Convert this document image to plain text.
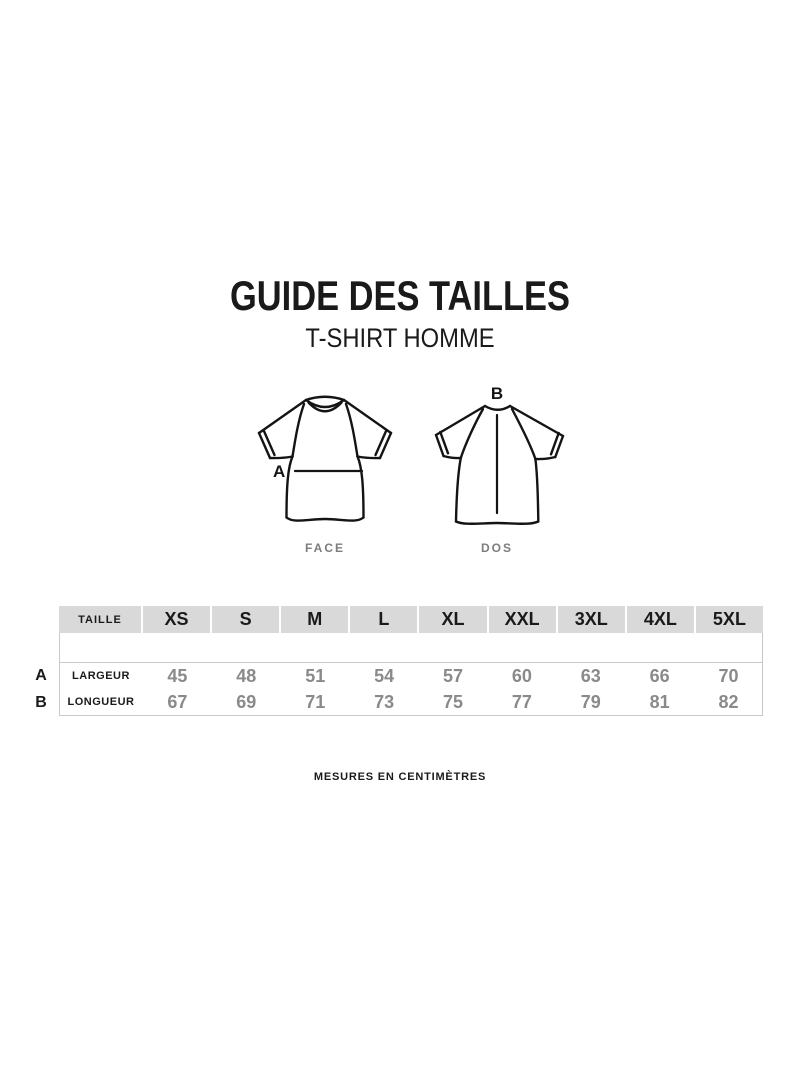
GUIDE DES TAILLES
T-SHIRT HOMME
A
FACE
B
DOS
TAILLE	XS	S	M	L	XL	XXL	3XL	4XL	5XL
LARGEUR	45	48	51	54	57	60	63	66	70
LONGUEUR	67	69	71	73	75	77	79	81	82
A
B
MESURES EN CENTIMÈTRES
